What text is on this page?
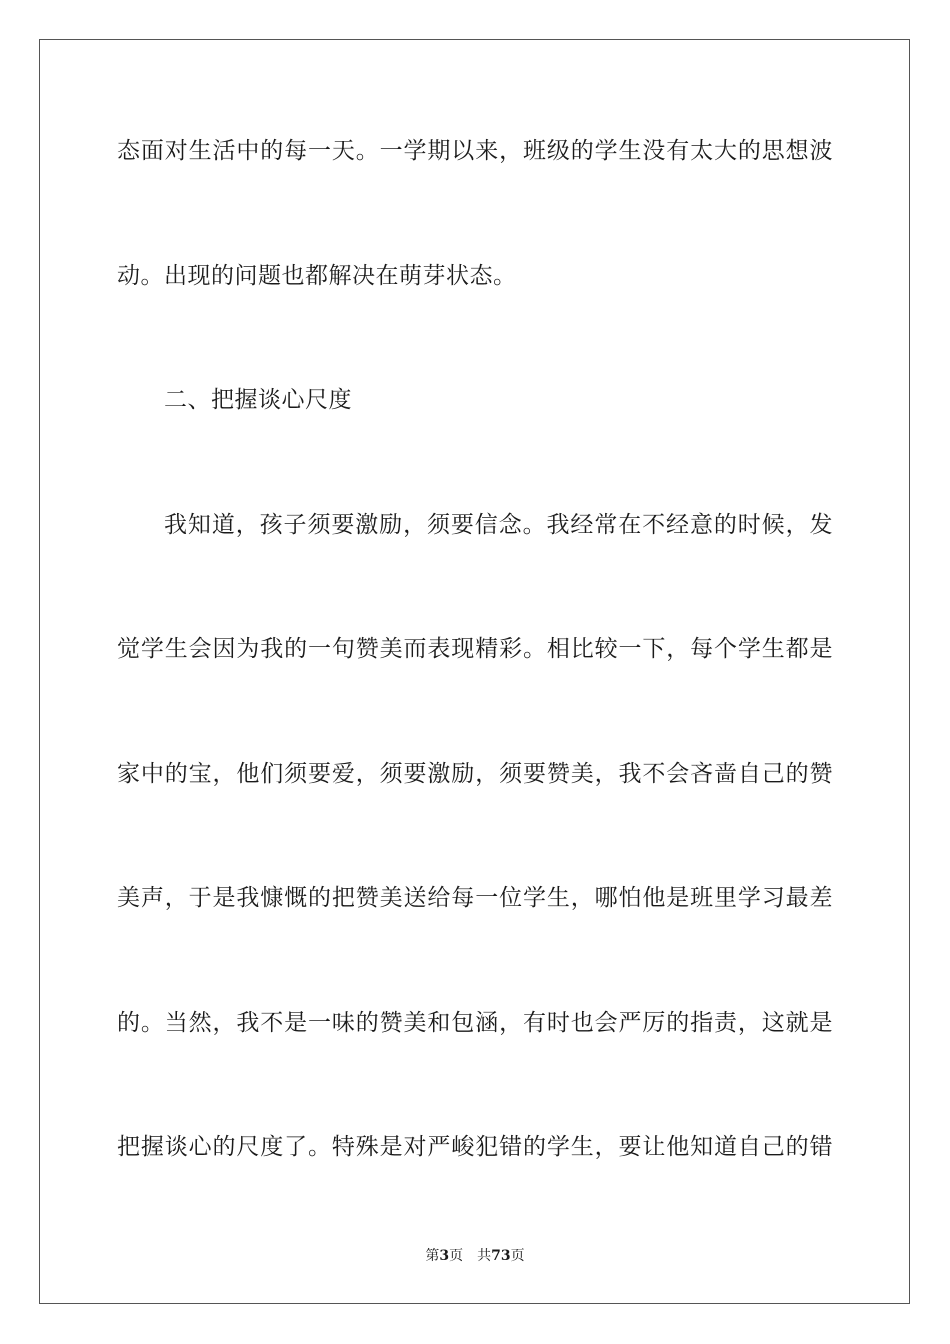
态面对生活中的每一天。一学期以来，班级的学生没有太大的思想波
动。出现的问题也都解决在萌芽状态。
二、把握谈心尺度
我知道，孩子须要激励，须要信念。我经常在不经意的时候，发
觉学生会因为我的一句赞美而表现精彩。相比较一下，每个学生都是
家中的宝，他们须要爱，须要激励，须要赞美，我不会吝啬自己的赞
美声，于是我慷慨的把赞美送给每一位学生，哪怕他是班里学习最差
的。当然，我不是一味的赞美和包涵，有时也会严厉的指责，这就是
把握谈心的尺度了。特殊是对严峻犯错的学生，要让他知道自己的错
第3页 共73页
